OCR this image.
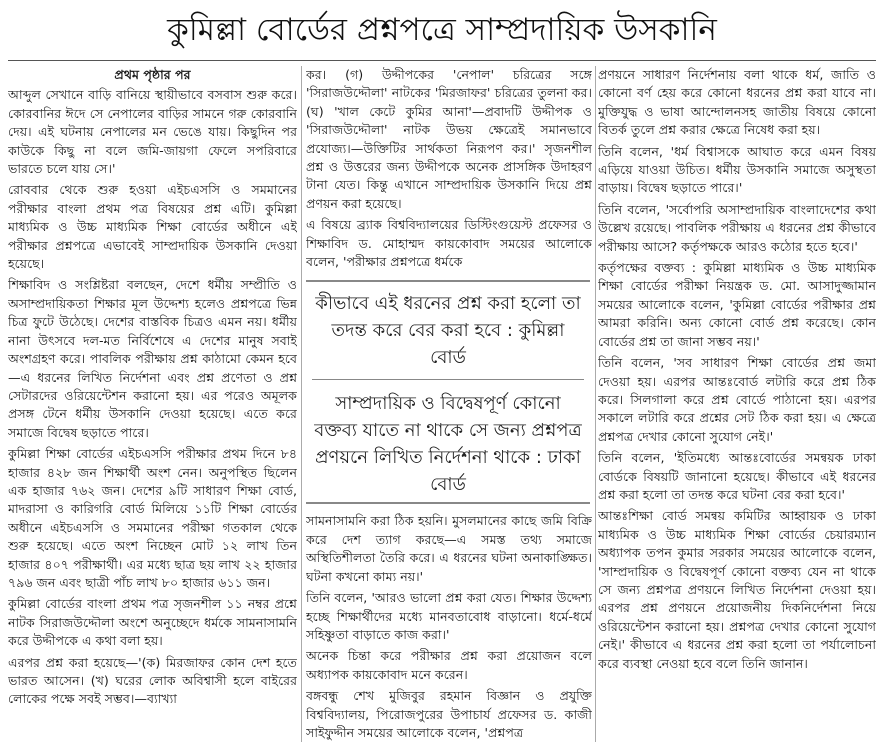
কুমিল্লা বোর্ডের প্রশ্নপত্রে সাম্প্রদায়িক উসকানি
প্রথম পৃষ্ঠার পর

আব্দুল সেখানে বাড়ি বানিয়ে স্থায়ীভাবে বসবাস শুরু করে। কোরবানির ঈদে সে নেপালের বাড়ির সামনে গরু কোরবানি দেয়। এই ঘটনায় নেপালের মন ভেঙে যায়। কিছুদিন পর কাউকে কিছু না বলে জমি-জায়গা ফেলে সপরিবারে ভারতে চলে যায় সে।'

রোববার থেকে শুরু হওয়া এইচএসসি ও সমমানের পরীক্ষার বাংলা প্রথম পত্র বিষয়ের প্রশ্ন এটি। কুমিল্লা মাধ্যমিক ও উচ্চ মাধ্যমিক শিক্ষা বোর্ডের অধীনে এই পরীক্ষার প্রশ্নপত্রে এভাবেই সাম্প্রদায়িক উসকানি দেওয়া হয়েছে।

শিক্ষাবিদ ও সংশ্লিষ্টরা বলছেন, দেশে ধর্মীয় সম্প্রীতি ও অসাম্প্রদায়িকতা শিক্ষার মূল উদ্দেশ্য হলেও প্রশ্নপত্রে ভিন্ন চিত্র ফুটে উঠেছে। দেশের বাস্তবিক চিত্রও এমন নয়। ধর্মীয় নানা উৎসবে দল-মত নির্বিশেষে এ দেশের মানুষ সবাই অংশগ্রহণ করে। পাবলিক পরীক্ষায় প্রশ্ন কাঠামো কেমন হবে—এ ধরনের লিখিত নির্দেশনা এবং প্রশ্ন প্রণেতা ও প্রশ্ন সেটারদের ওরিয়েন্টেশন করানো হয়। এর পরেও অমূলক প্রসঙ্গ টেনে ধর্মীয় উসকানি দেওয়া হয়েছে। এতে করে সমাজে বিদ্বেষ ছড়াতে পারে।

কুমিল্লা শিক্ষা বোর্ডের এইচএসসি পরীক্ষার প্রথম দিনে ৮৪ হাজার ৪২৮ জন শিক্ষার্থী অংশ নেন। অনুপস্থিত ছিলেন এক হাজার ৭৬২ জন। দেশের ৯টি সাধারণ শিক্ষা বোর্ড, মাদরাসা ও কারিগরি বোর্ড মিলিয়ে ১১টি শিক্ষা বোর্ডের অধীনে এইচএসসি ও সমমানের পরীক্ষা গতকাল থেকে শুরু হয়েছে। এতে অংশ নিচ্ছেন মোট ১২ লাখ তিন হাজার ৪০৭ পরীক্ষার্থী। এর মধ্যে ছাত্র ছয় লাখ ২২ হাজার ৭৯৬ জন এবং ছাত্রী পাঁচ লাখ ৮০ হাজার ৬১১ জন।

কুমিল্লা বোর্ডের বাংলা প্রথম পত্র সৃজনশীল ১১ নম্বর প্রশ্নে নাটক সিরাজউদ্দৌলা অংশে অনুচ্ছেদে ধর্মকে সামনাসামনি করে উদ্দীপকে এ কথা বলা হয়।

এরপর প্রশ্ন করা হয়েছে—'(ক) মিরজাফর কোন দেশ হতে ভারত আসেন। (খ) ঘরের লোক অবিশ্বাসী হলে বাইরের লোকের পক্ষে সবই সম্ভব।—ব্যাখ্যা

কর। (গ) উদ্দীপকের 'নেপাল' চরিত্রের সঙ্গে 'সিরাজউদ্দৌলা' নাটকের 'মিরজাফর' চরিত্রের তুলনা কর। (ঘ) 'খাল কেটে কুমির আনা'—প্রবাদটি উদ্দীপক ও 'সিরাজউদ্দৌলা' নাটক উভয় ক্ষেত্রেই সমানভাবে প্রযোজ্য।—উক্তিটির সার্থকতা নিরূপণ কর।' সৃজনশীল প্রশ্ন ও উত্তরের জন্য উদ্দীপকে অনেক প্রাসঙ্গিক উদাহরণ টানা যেত। কিন্তু এখানে সাম্প্রদায়িক উসকানি দিয়ে প্রশ্ন প্রণয়ন করা হয়েছে।

এ বিষয়ে ব্র্যাক বিশ্ববিদ্যালয়ের ডিস্টিংগুয়েস্ট প্রফেসর ও শিক্ষাবিদ ড. মোহাম্মদ কায়কোবাদ সময়ের আলোকে বলেন, 'পরীক্ষার প্রশ্নপত্রে ধর্মকে

সামনাসামনি করা ঠিক হয়নি। মুসলমানের কাছে জমি বিক্রি করে দেশ ত্যাগ করছে—এ সমস্ত তথ্য সমাজে অস্থিতিশীলতা তৈরি করে। এ ধরনের ঘটনা অনাকাঙ্ক্ষিত। ঘটনা কখনো কাম্য নয়।'

তিনি বলেন, 'আরও ভালো প্রশ্ন করা যেত। শিক্ষার উদ্দেশ্য হচ্ছে শিক্ষার্থীদের মধ্যে মানবতাবোধ বাড়ানো। ধর্মে-ধর্মে সহিষ্ণুতা বাড়াতে কাজ করা।'

অনেক চিন্তা করে পরীক্ষার প্রশ্ন করা প্রয়োজন বলে অধ্যাপক কায়কোবাদ মনে করেন।

বঙ্গবন্ধু শেখ মুজিবুর রহমান বিজ্ঞান ও প্রযুক্তি বিশ্ববিদ্যালয়, পিরোজপুরের উপাচার্য প্রফেসর ড. কাজী সাইফুদ্দীন সময়ের আলোকে বলেন, 'প্রশ্নপত্র

কীভাবে এই ধরনের প্রশ্ন করা হলো তা তদন্ত করে বের করা হবে : কুমিল্লা বোর্ড

সাম্প্রদায়িক ও বিদ্বেষপূর্ণ কোনো বক্তব্য যাতে না থাকে সে জন্য প্রশ্নপত্র প্রণয়নে লিখিত নির্দেশনা থাকে : ঢাকা বোর্ড

প্রণয়নে সাধারণ নির্দেশনায় বলা থাকে ধর্ম, জাতি ও কোনো বর্ণ হেয় করে কোনো ধরনের প্রশ্ন করা যাবে না। মুক্তিযুদ্ধ ও ভাষা আন্দোলনসহ জাতীয় বিষয়ে কোনো বিতর্ক তুলে প্রশ্ন করার ক্ষেত্রে নিষেধ করা হয়।

তিনি বলেন, 'ধর্ম বিশ্বাসকে আঘাত করে এমন বিষয় এড়িয়ে যাওয়া উচিত। ধর্মীয় উসকানি সমাজে অসুস্থতা বাড়ায়। বিদ্বেষ ছড়াতে পারে।'

তিনি বলেন, 'সর্বোপরি অসাম্প্রদায়িক বাংলাদেশের কথা উল্লেখ রয়েছে। পাবলিক পরীক্ষায় এ ধরনের প্রশ্ন কীভাবে পরীক্ষায় আসে? কর্তৃপক্ষকে আরও কঠোর হতে হবে।'

কর্তৃপক্ষের বক্তব্য : কুমিল্লা মাধ্যমিক ও উচ্চ মাধ্যমিক শিক্ষা বোর্ডের পরীক্ষা নিয়ন্ত্রক ড. মো. আসাদুজ্জামান সময়ের আলোকে বলেন, 'কুমিল্লা বোর্ডের পরীক্ষার প্রশ্ন আমরা করিনি। অন্য কোনো বোর্ড প্রশ্ন করেছে। কোন বোর্ডের প্রশ্ন তা জানা সম্ভব নয়।'

তিনি বলেন, 'সব সাধারণ শিক্ষা বোর্ডের প্রশ্ন জমা দেওয়া হয়। এরপর আন্তঃবোর্ড লটারি করে প্রশ্ন ঠিক করে। সিলগালা করে প্রশ্ন বোর্ডে পাঠানো হয়। এরপর সকালে লটারি করে প্রশ্নের সেট ঠিক করা হয়। এ ক্ষেত্রে প্রশ্নপত্র দেখার কোনো সুযোগ নেই।'

তিনি বলেন, 'ইতিমধ্যে আন্তঃবোর্ডের সমন্বয়ক ঢাকা বোর্ডকে বিষয়টি জানানো হয়েছে। কীভাবে এই ধরনের প্রশ্ন করা হলো তা তদন্ত করে ঘটনা বের করা হবে।'

আন্তঃশিক্ষা বোর্ড সমন্বয় কমিটির আহ্বায়ক ও ঢাকা মাধ্যমিক ও উচ্চ মাধ্যমিক শিক্ষা বোর্ডের চেয়ারম্যান অধ্যাপক তপন কুমার সরকার সময়ের আলোকে বলেন, 'সাম্প্রদায়িক ও বিদ্বেষপূর্ণ কোনো বক্তব্য যেন না থাকে সে জন্য প্রশ্নপত্র প্রণয়নে লিখিত নির্দেশনা দেওয়া হয়। এরপর প্রশ্ন প্রণয়নে প্রয়োজনীয় দিকনির্দেশনা নিয়ে ওরিয়েন্টেশন করানো হয়। প্রশ্নপত্র দেখার কোনো সুযোগ নেই।' কীভাবে এ ধরনের প্রশ্ন করা হলো তা পর্যালোচনা করে ব্যবস্থা নেওয়া হবে বলে তিনি জানান।
